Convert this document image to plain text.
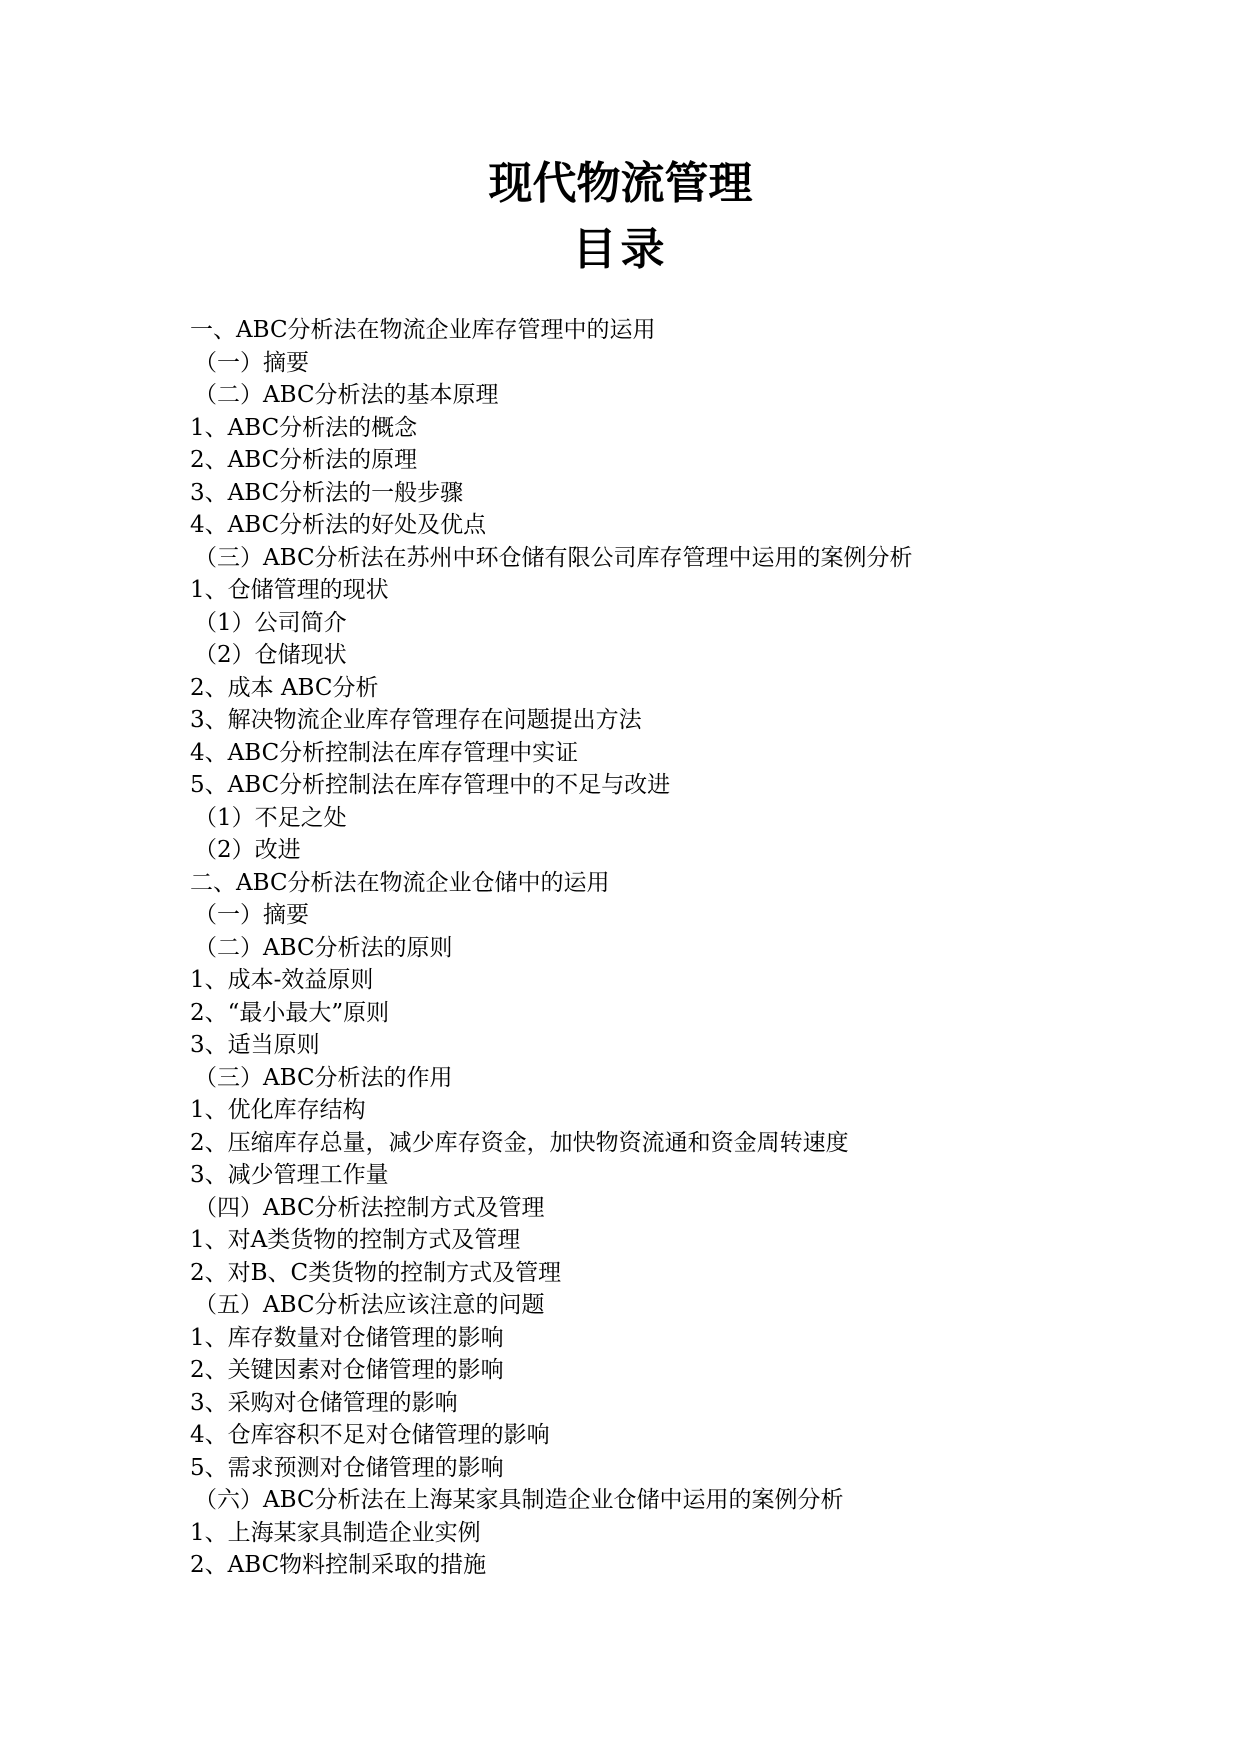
现代物流管理
目录
一、ABC分析法在物流企业库存管理中的运用
（一）摘要
（二）ABC分析法的基本原理
1、ABC分析法的概念
2、ABC分析法的原理
3、ABC分析法的一般步骤
4、ABC分析法的好处及优点
（三）ABC分析法在苏州中环仓储有限公司库存管理中运用的案例分析
1、仓储管理的现状
（1）公司简介
（2）仓储现状
2、成本 ABC分析
3、解决物流企业库存管理存在问题提出方法
4、ABC分析控制法在库存管理中实证
5、ABC分析控制法在库存管理中的不足与改进
（1）不足之处
（2）改进
二、ABC分析法在物流企业仓储中的运用
（一）摘要
（二）ABC分析法的原则
1、成本-效益原则
2、“最小最大”原则
3、适当原则
（三）ABC分析法的作用
1、优化库存结构
2、压缩库存总量，减少库存资金，加快物资流通和资金周转速度
3、减少管理工作量
（四）ABC分析法控制方式及管理
1、对A类货物的控制方式及管理
2、对B、C类货物的控制方式及管理
（五）ABC分析法应该注意的问题
1、库存数量对仓储管理的影响
2、关键因素对仓储管理的影响
3、采购对仓储管理的影响
4、仓库容积不足对仓储管理的影响
5、需求预测对仓储管理的影响
（六）ABC分析法在上海某家具制造企业仓储中运用的案例分析
1、上海某家具制造企业实例
2、ABC物料控制采取的措施
